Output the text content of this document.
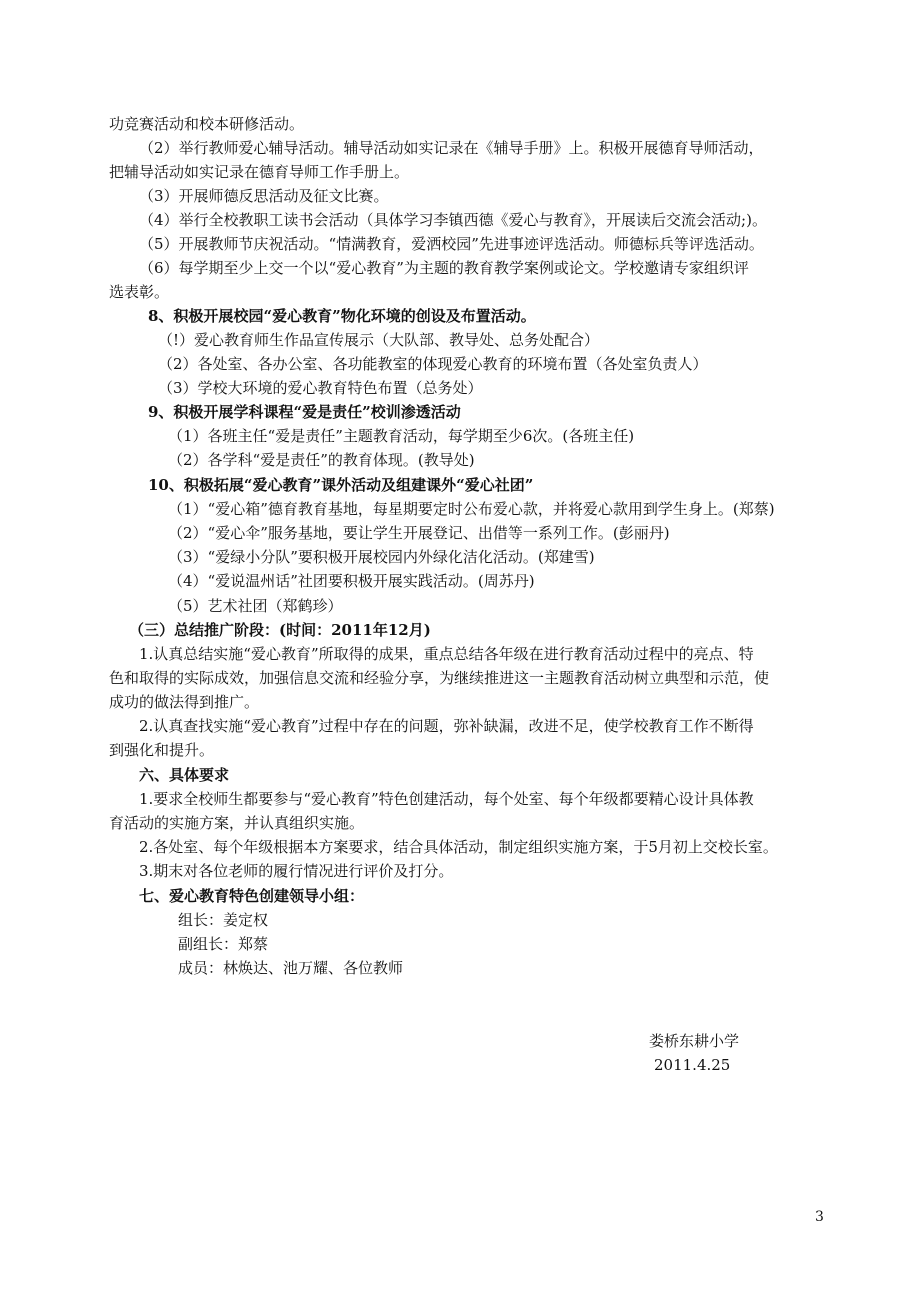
功竞赛活动和校本研修活动。
（2）举行教师爱心辅导活动。辅导活动如实记录在《辅导手册》上。积极开展德育导师活动，
把辅导活动如实记录在德育导师工作手册上。
（3）开展师德反思活动及征文比赛。
（4）举行全校教职工读书会活动（具体学习李镇西德《爱心与教育》，开展读后交流会活动;)。
（5）开展教师节庆祝活动。“情满教育，爱洒校园”先进事迹评选活动。师德标兵等评选活动。
（6）每学期至少上交一个以“爱心教育”为主题的教育教学案例或论文。学校邀请专家组织评
选表彰。
8、积极开展校园“爱心教育”物化环境的创设及布置活动。
（!）爱心教育师生作品宣传展示（大队部、教导处、总务处配合）
（2）各处室、各办公室、各功能教室的体现爱心教育的环境布置（各处室负责人）
（3）学校大环境的爱心教育特色布置（总务处）
9、积极开展学科课程“爱是责任”校训渗透活动
（1）各班主任“爱是责任”主题教育活动，每学期至少6次。(各班主任)
（2）各学科“爱是责任”的教育体现。(教导处)
10、积极拓展“爱心教育”课外活动及组建课外“爱心社团”
（1）“爱心箱”德育教育基地，每星期要定时公布爱心款，并将爱心款用到学生身上。(郑蔡)
（2）“爱心伞”服务基地，要让学生开展登记、出借等一系列工作。(彭丽丹)
（3）“爱绿小分队”要积极开展校园内外绿化洁化活动。(郑建雪)
（4）“爱说温州话”社团要积极开展实践活动。(周苏丹)
（5）艺术社团（郑鹤珍）
（三）总结推广阶段：(时间：2011年12月)
1.认真总结实施“爱心教育”所取得的成果，重点总结各年级在进行教育活动过程中的亮点、特
色和取得的实际成效，加强信息交流和经验分享，为继续推进这一主题教育活动树立典型和示范，使
成功的做法得到推广。
2.认真查找实施“爱心教育”过程中存在的问题，弥补缺漏，改进不足，使学校教育工作不断得
到强化和提升。
六、具体要求
1.要求全校师生都要参与“爱心教育”特色创建活动，每个处室、每个年级都要精心设计具体教
育活动的实施方案，并认真组织实施。
2.各处室、每个年级根据本方案要求，结合具体活动，制定组织实施方案，于5月初上交校长室。
3.期末对各位老师的履行情况进行评价及打分。
七、爱心教育特色创建领导小组：
组长：姜定权
副组长：郑蔡
成员：林焕达、池万耀、各位教师
娄桥东耕小学
2011.4.25
3
